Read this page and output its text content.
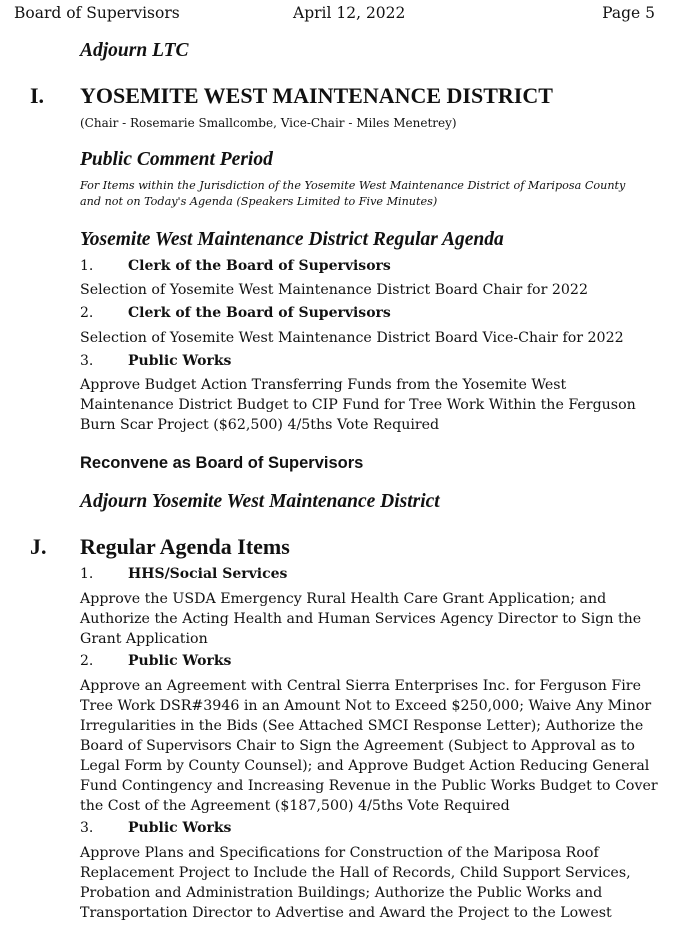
Board of Supervisors	April 12, 2022	Page 5
Adjourn LTC
I. YOSEMITE WEST MAINTENANCE DISTRICT
(Chair - Rosemarie Smallcombe, Vice-Chair - Miles Menetrey)
Public Comment Period
For Items within the Jurisdiction of the Yosemite West Maintenance District of Mariposa County and not on Today's Agenda (Speakers Limited to Five Minutes)
Yosemite West Maintenance District Regular Agenda
1. Clerk of the Board of Supervisors
Selection of Yosemite West Maintenance District Board Chair for 2022
2. Clerk of the Board of Supervisors
Selection of Yosemite West Maintenance District Board Vice-Chair for 2022
3. Public Works
Approve Budget Action Transferring Funds from the Yosemite West Maintenance District Budget to CIP Fund for Tree Work Within the Ferguson Burn Scar Project ($62,500) 4/5ths Vote Required
Reconvene as Board of Supervisors
Adjourn Yosemite West Maintenance District
J. Regular Agenda Items
1. HHS/Social Services
Approve the USDA Emergency Rural Health Care Grant Application; and Authorize the Acting Health and Human Services Agency Director to Sign the Grant Application
2. Public Works
Approve an Agreement with Central Sierra Enterprises Inc. for Ferguson Fire Tree Work DSR#3946 in an Amount Not to Exceed $250,000; Waive Any Minor Irregularities in the Bids (See Attached SMCI Response Letter); Authorize the Board of Supervisors Chair to Sign the Agreement (Subject to Approval as to Legal Form by County Counsel); and Approve Budget Action Reducing General Fund Contingency and Increasing Revenue in the Public Works Budget to Cover the Cost of the Agreement ($187,500) 4/5ths Vote Required
3. Public Works
Approve Plans and Specifications for Construction of the Mariposa Roof Replacement Project to Include the Hall of Records, Child Support Services, Probation and Administration Buildings; Authorize the Public Works and Transportation Director to Advertise and Award the Project to the Lowest
